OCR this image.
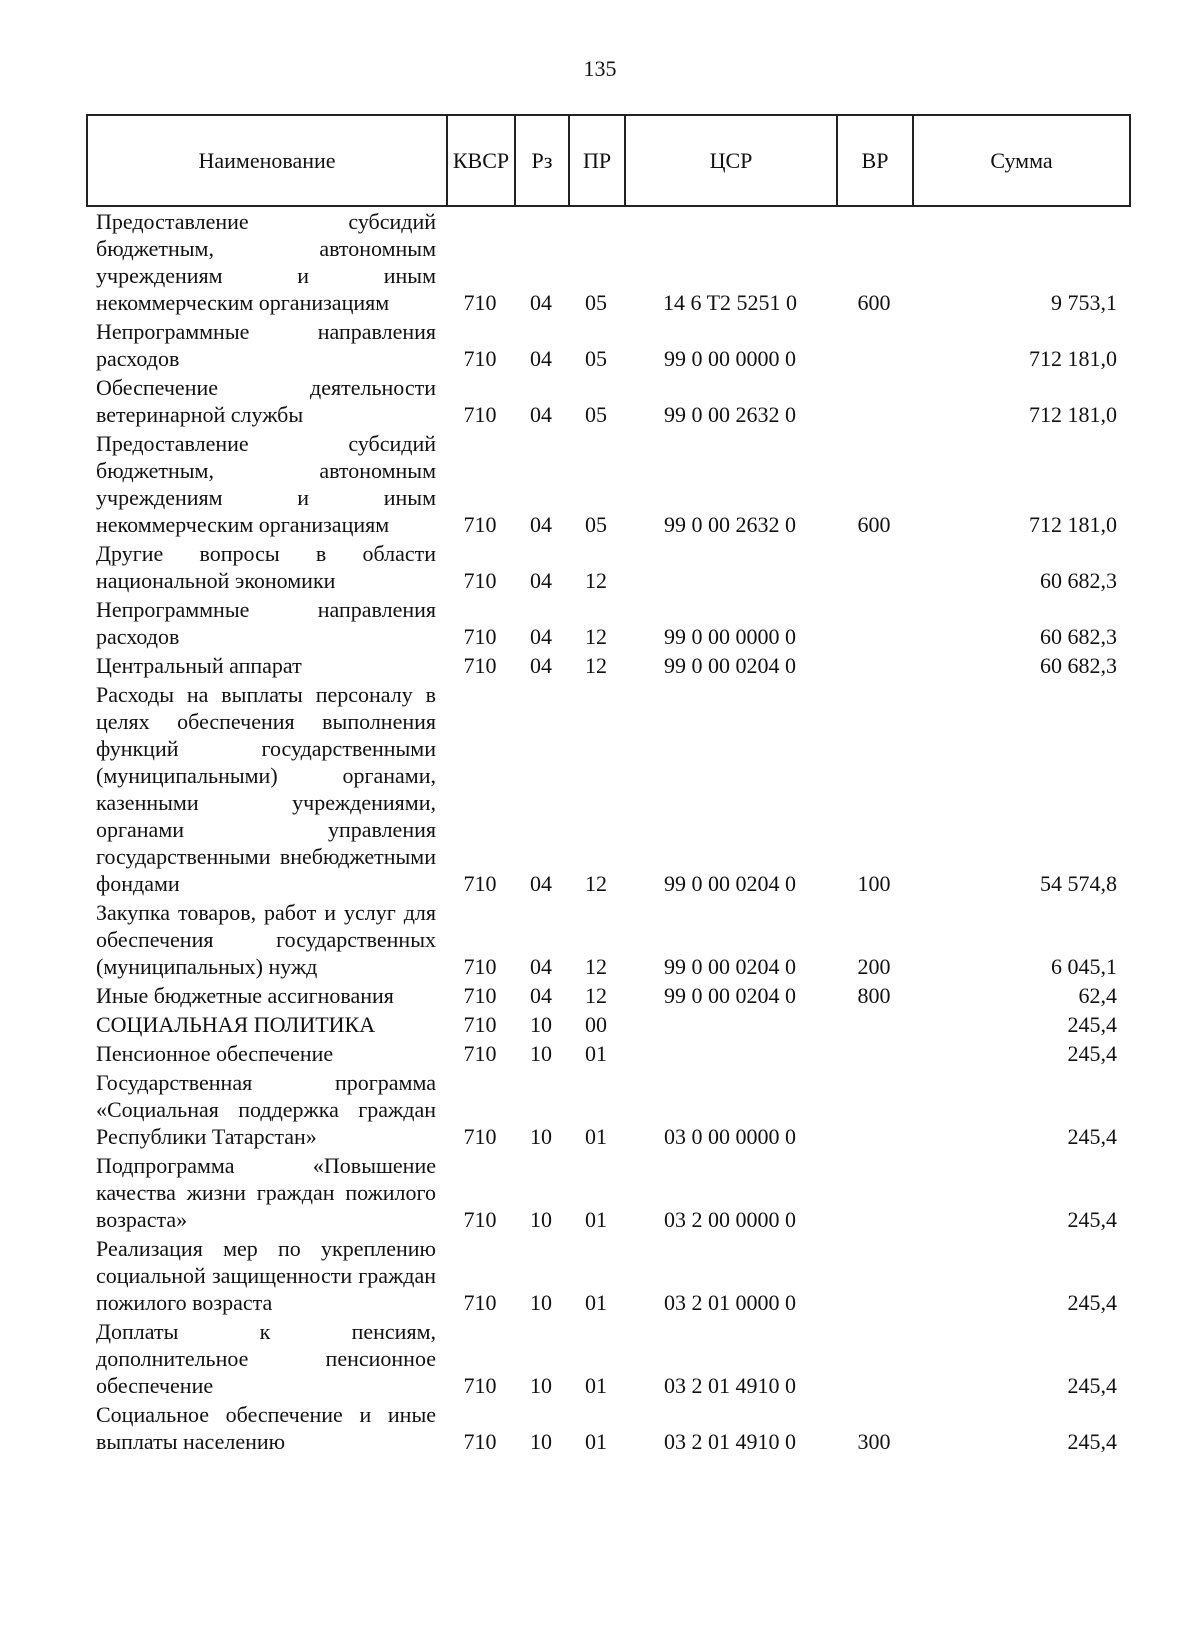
135
Наименование	КВСР	Рз	ПР	ЦСР	ВР	Сумма
Предоставление субсидий бюджетным, автономным учреждениям и иным некоммерческим организациям	710	04	05	14 6 T2 5251 0	600	9 753,1
Непрограммные направления расходов	710	04	05	99 0 00 0000 0		712 181,0
Обеспечение деятельности ветеринарной службы	710	04	05	99 0 00 2632 0		712 181,0
Предоставление субсидий бюджетным, автономным учреждениям и иным некоммерческим организациям	710	04	05	99 0 00 2632 0	600	712 181,0
Другие вопросы в области национальной экономики	710	04	12			60 682,3
Непрограммные направления расходов	710	04	12	99 0 00 0000 0		60 682,3
Центральный аппарат	710	04	12	99 0 00 0204 0		60 682,3
Расходы на выплаты персоналу в целях обеспечения выполнения функций государственными (муниципальными) органами, казенными учреждениями, органами управления государственными внебюджетными фондами	710	04	12	99 0 00 0204 0	100	54 574,8
Закупка товаров, работ и услуг для обеспечения государственных (муниципальных) нужд	710	04	12	99 0 00 0204 0	200	6 045,1
Иные бюджетные ассигнования	710	04	12	99 0 00 0204 0	800	62,4
СОЦИАЛЬНАЯ ПОЛИТИКА	710	10	00			245,4
Пенсионное обеспечение	710	10	01			245,4
Государственная программа «Социальная поддержка граждан Республики Татарстан»	710	10	01	03 0 00 0000 0		245,4
Подпрограмма «Повышение качества жизни граждан пожилого возраста»	710	10	01	03 2 00 0000 0		245,4
Реализация мер по укреплению социальной защищенности граждан пожилого возраста	710	10	01	03 2 01 0000 0		245,4
Доплаты к пенсиям, дополнительное пенсионное обеспечение	710	10	01	03 2 01 4910 0		245,4
Социальное обеспечение и иные выплаты населению	710	10	01	03 2 01 4910 0	300	245,4
